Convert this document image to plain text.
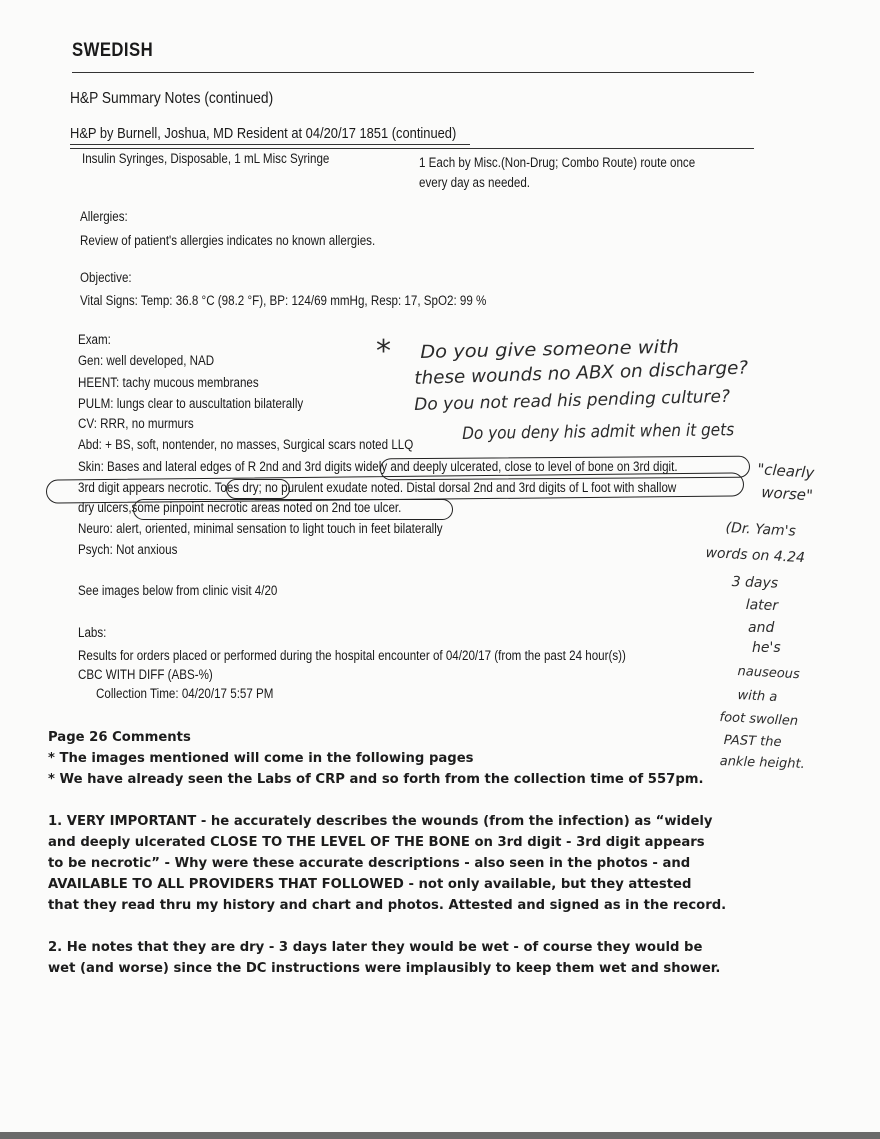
SWEDISH
H&P Summary Notes (continued)
H&P by Burnell, Joshua, MD Resident at 04/20/17 1851 (continued)
Insulin Syringes, Disposable, 1 mL Misc Syringe	1 Each by Misc.(Non-Drug; Combo Route) route once
every day as needed.
Allergies:
Review of patient's allergies indicates no known allergies.
Objective:
Vital Signs: Temp: 36.8 °C (98.2 °F), BP: 124/69 mmHg, Resp: 17, SpO2: 99 %
Exam:
Gen: well developed, NAD
HEENT: tachy mucous membranes
PULM: lungs clear to auscultation bilaterally
CV: RRR, no murmurs
Abd: + BS, soft, nontender, no masses, Surgical scars noted LLQ
Skin: Bases and lateral edges of R 2nd and 3rd digits widely and deeply ulcerated, close to level of bone on 3rd digit.
3rd digit appears necrotic. Toes dry; no purulent exudate noted. Distal dorsal 2nd and 3rd digits of L foot with shallow
dry ulcers,some pinpoint necrotic areas noted on 2nd toe ulcer.
Neuro: alert, oriented, minimal sensation to light touch in feet bilaterally
Psych: Not anxious
See images below from clinic visit 4/20
Labs:
Results for orders placed or performed during the hospital encounter of 04/20/17 (from the past 24 hour(s))
CBC WITH DIFF (ABS-%)
Collection Time: 04/20/17 5:57 PM
* Do you give someone with
these wounds no ABX on discharge?
Do you not read his pending culture?
Do you deny his admit when it gets
"clearly
worse"
(Dr. Yam's
words on 4.24
3 days
later
and
he's
nauseous
with a
foot swollen
PAST the
ankle height.
Page 26 Comments
* The images mentioned will come in the following pages
* We have already seen the Labs of CRP and so forth from the collection time of 557pm.
1. VERY IMPORTANT - he accurately describes the wounds (from the infection) as “widely
and deeply ulcerated CLOSE TO THE LEVEL OF THE BONE on 3rd digit - 3rd digit appears
to be necrotic” - Why were these accurate descriptions - also seen in the photos - and
AVAILABLE TO ALL PROVIDERS THAT FOLLOWED - not only available, but they attested
that they read thru my history and chart and photos. Attested and signed as in the record.
2. He notes that they are dry - 3 days later they would be wet - of course they would be
wet (and worse) since the DC instructions were implausibly to keep them wet and shower.
